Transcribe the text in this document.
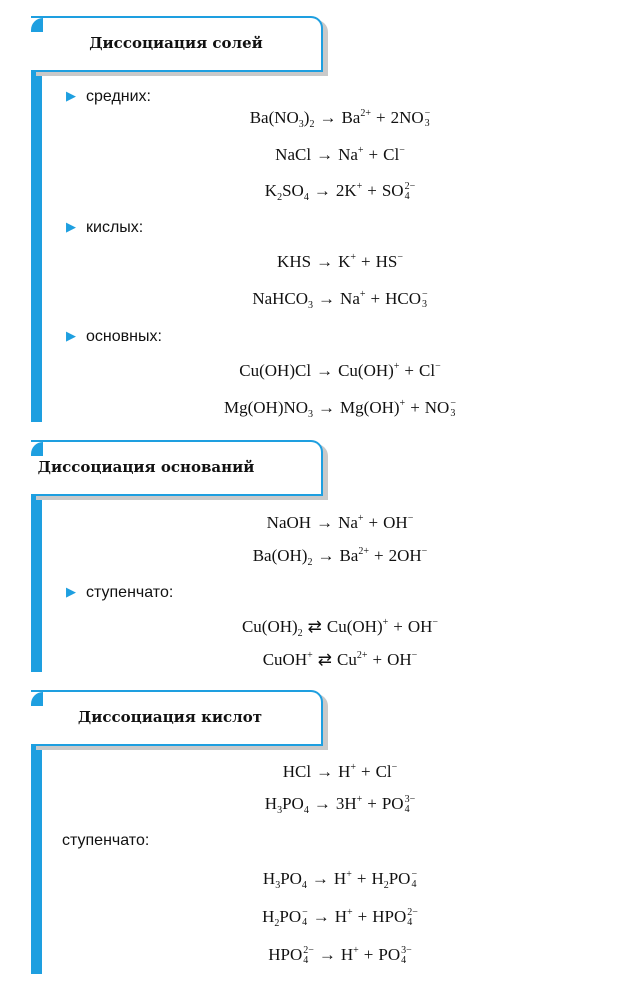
Диссоциация солей
▶ средних:
$Ba(NO_3)_2 \to Ba^{2+} + 2NO$ −
3
NaCl → Na+ + Cl−
$K_2SO_4 \to 2K^+$ + SO 2−
4
▶ кислых:
KHS → K+ + HS−
NaHCO$_3$ → Na+ + HCO −
3
▶ основных:
Cu(OH)Cl → Cu(OH)+ + Cl−
$Mg(OH)NO_3 \to Mg(OH)^+$ + NO −
3
Диссоциация оснований
NaOH → Na+ + OH−
$Ba(OH)_2 \to Ba^{2+} + 2OH^-$
▶ ступенчато:
$Cu(OH)_2$ ⇄ Cu(OH)+ + OH−
CuOH+ ⇄ $Cu^{2+} + OH^-$
Диссоциация кислот
HCl → H+ + Cl−
$H_3PO_4 \to 3H^+$ + PO 3−
4
ступенчато:
$H_3PO_4 \to H^+ + H_2PO$ −
4
$H_2PO$ −
4 → H+ + HPO 2−
4
HPO 2−
4 → H+ + PO 3−
4
